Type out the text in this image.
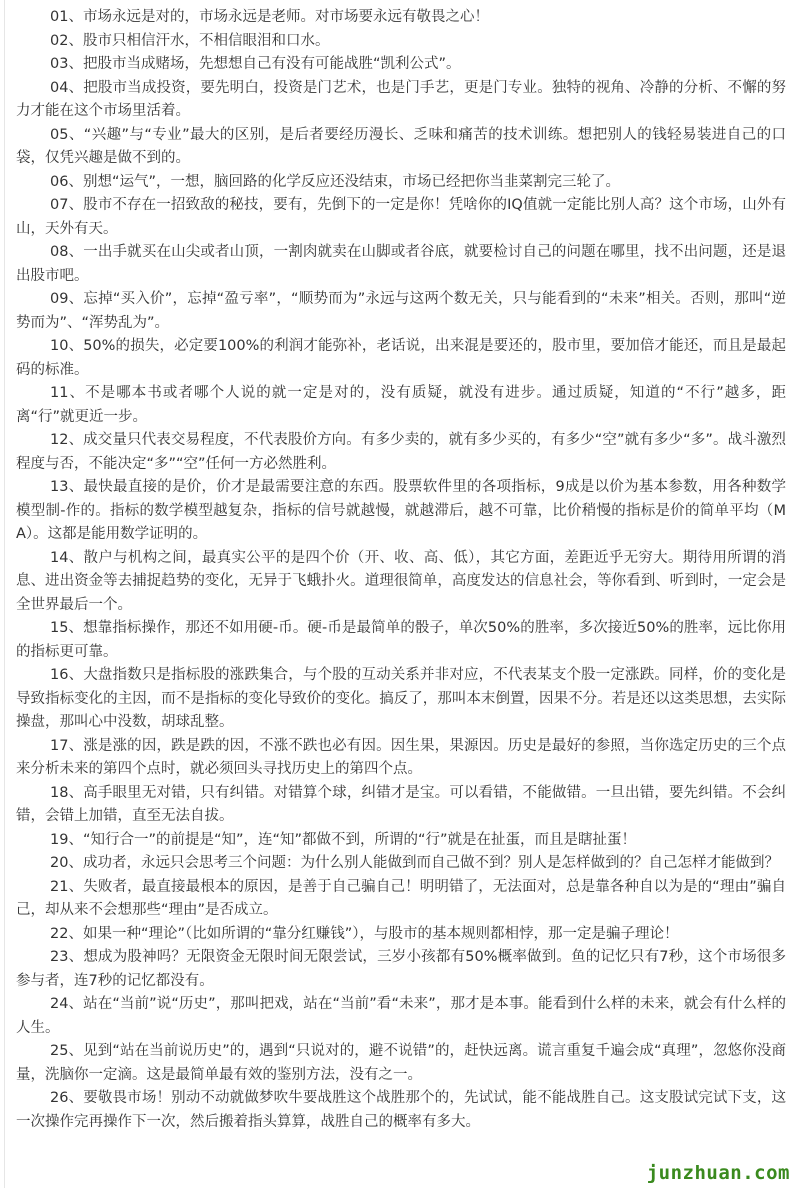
01、市场永远是对的，市场永远是老师。对市场要永远有敬畏之心！

02、股市只相信汗水，不相信眼泪和口水。

03、把股市当成赌场，先想想自己有没有可能战胜“凯利公式”。

04、把股市当成投资，要先明白，投资是门艺术，也是门手艺，更是门专业。独特的视角、冷静的分析、不懈的努力才能在这个市场里活着。

05、“兴趣”与“专业”最大的区别，是后者要经历漫长、乏味和痛苦的技术训练。想把别人的钱轻易装进自己的口袋，仅凭兴趣是做不到的。

06、别想“运气”，一想，脑回路的化学反应还没结束，市场已经把你当韭菜割完三轮了。

07、股市不存在一招致敌的秘技，要有，先倒下的一定是你！凭啥你的IQ值就一定能比别人高？这个市场，山外有山，天外有天。

08、一出手就买在山尖或者山顶，一割肉就卖在山脚或者谷底，就要检讨自己的问题在哪里，找不出问题，还是退出股市吧。

09、忘掉“买入价”，忘掉“盈亏率”，“顺势而为”永远与这两个数无关，只与能看到的“未来”相关。否则，那叫“逆势而为”、“浑势乱为”。

10、50%的损失，必定要100%的利润才能弥补，老话说，出来混是要还的，股市里，要加倍才能还，而且是最起码的标准。

11、不是哪本书或者哪个人说的就一定是对的，没有质疑，就没有进步。通过质疑，知道的“不行”越多，距离“行”就更近一步。

12、成交量只代表交易程度，不代表股价方向。有多少卖的，就有多少买的，有多少“空”就有多少“多”。战斗激烈程度与否，不能决定“多”“空”任何一方必然胜利。

13、最快最直接的是价，价才是最需要注意的东西。股票软件里的各项指标，9成是以价为基本参数，用各种数学模型制-作的。指标的数学模型越复杂，指标的信号就越慢，就越滞后，越不可靠，比价稍慢的指标是价的简单平均（MA）。这都是能用数学证明的。

14、散户与机构之间，最真实公平的是四个价（开、收、高、低），其它方面，差距近乎无穷大。期待用所谓的消息、进出资金等去捕捉趋势的变化，无异于飞蛾扑火。道理很简单，高度发达的信息社会，等你看到、听到时，一定会是全世界最后一个。

15、想靠指标操作，那还不如用硬-币。硬-币是最简单的骰子，单次50%的胜率，多次接近50%的胜率，远比你用的指标更可靠。

16、大盘指数只是指标股的涨跌集合，与个股的互动关系并非对应，不代表某支个股一定涨跌。同样，价的变化是导致指标变化的主因，而不是指标的变化导致价的变化。搞反了，那叫本末倒置，因果不分。若是还以这类思想，去实际操盘，那叫心中没数，胡球乱整。

17、涨是涨的因，跌是跌的因，不涨不跌也必有因。因生果，果源因。历史是最好的参照，当你选定历史的三个点来分析未来的第四个点时，就必须回头寻找历史上的第四个点。

18、高手眼里无对错，只有纠错。对错算个球，纠错才是宝。可以看错，不能做错。一旦出错，要先纠错。不会纠错，会错上加错，直至无法自拔。

19、“知行合一”的前提是“知”，连“知”都做不到，所谓的“行”就是在扯蛋，而且是瞎扯蛋！

20、成功者，永远只会思考三个问题：为什么别人能做到而自己做不到？别人是怎样做到的？自己怎样才能做到？

21、失败者，最直接最根本的原因，是善于自己骗自己！明明错了，无法面对，总是靠各种自以为是的“理由”骗自己，却从来不会想那些“理由”是否成立。

22、如果一种“理论”（比如所谓的“靠分红赚钱”），与股市的基本规则都相悖，那一定是骗子理论！

23、想成为股神吗？无限资金无限时间无限尝试，三岁小孩都有50%概率做到。鱼的记忆只有7秒，这个市场很多参与者，连7秒的记忆都没有。

24、站在“当前”说“历史”，那叫把戏，站在“当前”看“未来”，那才是本事。能看到什么样的未来，就会有什么样的人生。

25、见到“站在当前说历史”的，遇到“只说对的，避不说错”的，赶快远离。谎言重复千遍会成“真理”，忽悠你没商量，洗脑你一定滴。这是最简单最有效的鉴别方法，没有之一。

26、要敬畏市场！别动不动就做梦吹牛要战胜这个战胜那个的，先试试，能不能战胜自己。这支股试完试下支，这一次操作完再操作下一次，然后搬着指头算算，战胜自己的概率有多大。

junzhuan.com
